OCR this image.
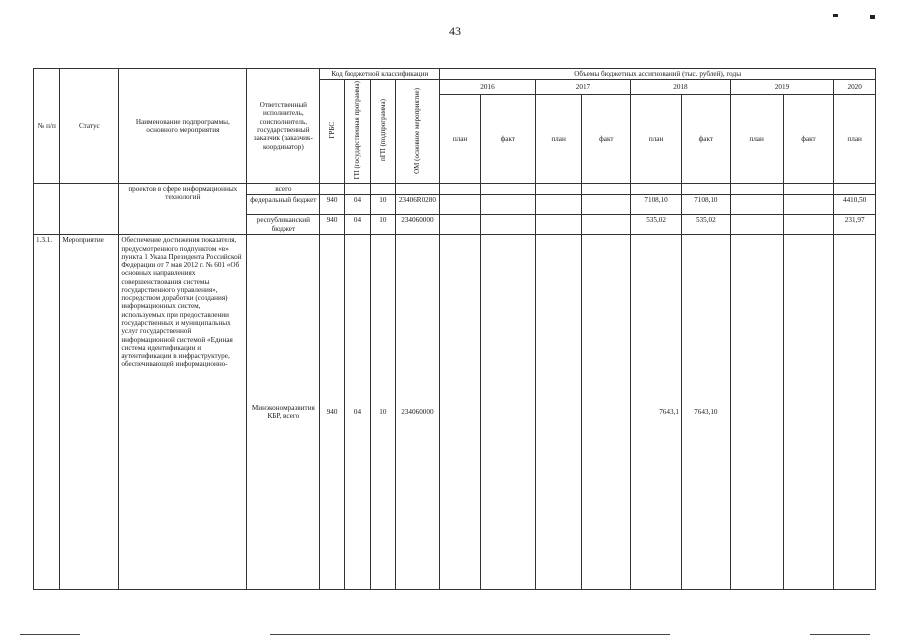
43
№ п/п	Статус	Наименование подпрограммы, основного мероприятия	Ответственный исполнитель, соисполнитель, государственный заказчик (заказчик-координатор)	Код бюджетной классификации				Объемы бюджетных ассигнований (тыс. рублей), годы								
				ГРБС	ГП (государственная программа)	пГП (подпрограмма)	ОМ (основное мероприятие)	2016		2017		2018		2019		2020
								план	факт	план	факт	план	факт	план	факт	план
		проектов в сфере информационных технологий	всего													
			федеральный бюджет	940	04	10	23406R0280					7108,10	7108,10			4410,50
			республиканский бюджет	940	04	10	234060000					535,02	535,02			231,97
1.3.1.	Мероприятие	Обеспечение достижения показателя, предусмотренного подпунктом «в» пункта 1 Указа Президента Российской Федерации от 7 мая 2012 г. № 601 «Об основных направлениях совершенствования системы государственного управления», посредством доработки (создания) информационных систем, используемых при предоставлении государственных и муниципальных услуг государственной информационной системой «Единая система идентификации и аутентификации в инфраструктуре, обеспечивающей информационно-	Минэкономразвития КБР, всего	940	04	10	234060000					7643,1	7643,10			
